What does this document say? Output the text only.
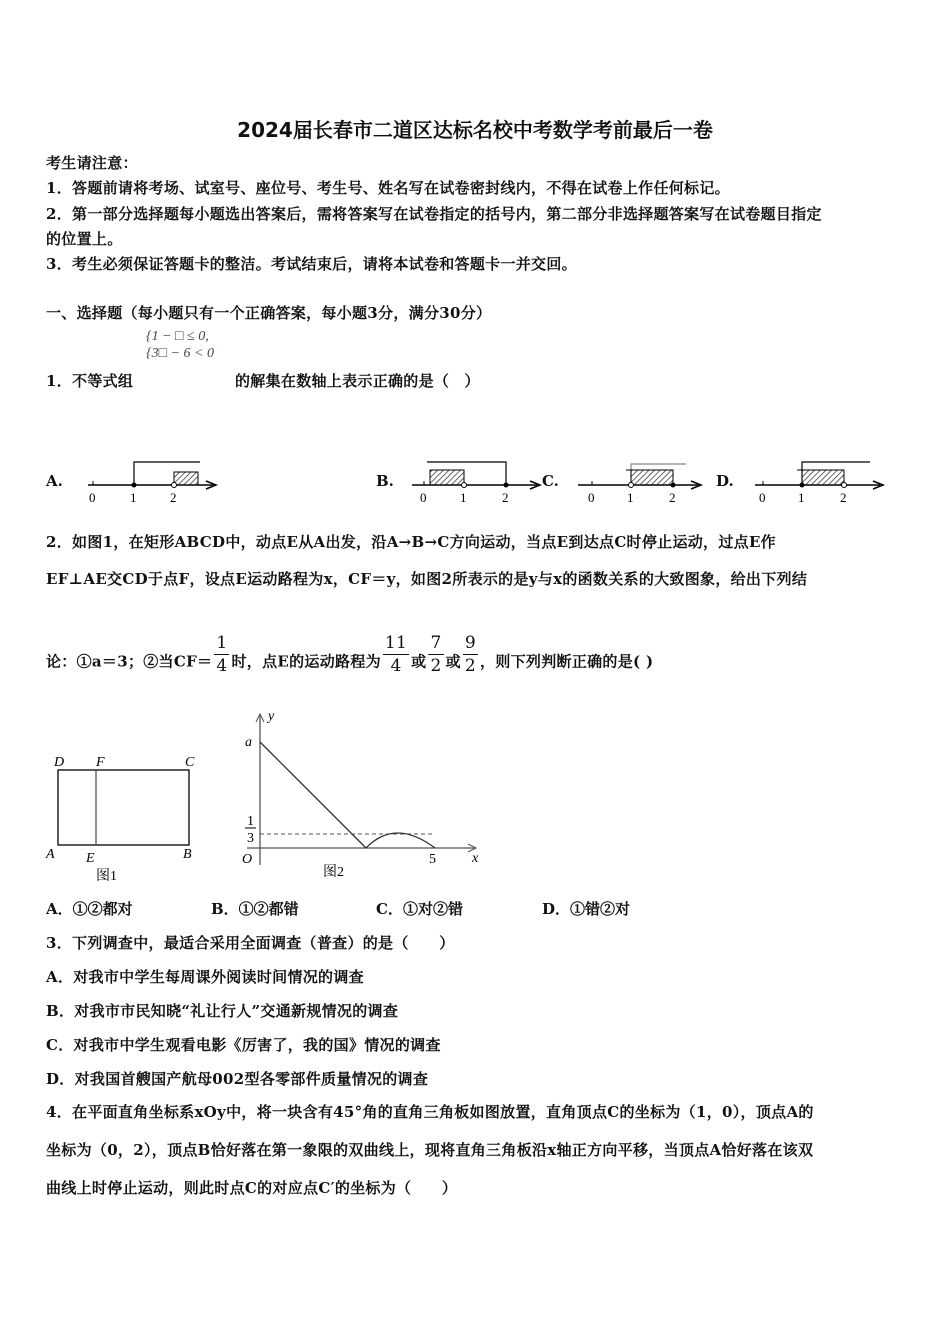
2024届长春市二道区达标名校中考数学考前最后一卷
考生请注意：
1．答题前请将考场、试室号、座位号、考生号、姓名写在试卷密封线内，不得在试卷上作任何标记。
2．第一部分选择题每小题选出答案后，需将答案写在试卷指定的括号内，第二部分非选择题答案写在试卷题目指定
的位置上。
3．考生必须保证答题卡的整洁。考试结束后，请将本试卷和答题卡一并交回。
一、选择题（每小题只有一个正确答案，每小题3分，满分30分）
{1 − □ ≤ 0,
{3□ − 6 < 0
1．不等式组	的解集在数轴上表示正确的是（　）
A.	B.	C.	D.
0	1	2	0	1	2	0	1	2	0	1	2
2．如图1，在矩形ABCD中，动点E从A出发，沿A→B→C方向运动，当点E到达点C时停止运动，过点E作
EF⊥AE交CD于点F，设点E运动路程为x，CF＝y，如图2所表示的是y与x的函数关系的大致图象，给出下列结
论：①a＝3；②当$CF= \frac{1}{4}$ 时，点E的运动路程为 $\frac{11}{4}$ 或 $\frac{7}{2}$ 或 $\frac{9}{2}$ ，则下列判断正确的是( )
D F	C
A E	B
图1
y
a
1
3
O	5	x
图2
A．①②都对	B．①②都错	C．①对②错	D．①错②对
3．下列调查中，最适合采用全面调查（普查）的是（　　）
A．对我市中学生每周课外阅读时间情况的调查
B．对我市市民知晓“礼让行人”交通新规情况的调查
C．对我市中学生观看电影《厉害了，我的国》情况的调查
D．对我国首艘国产航母002型各零部件质量情况的调查
4．在平面直角坐标系xOy中，将一块含有45°角的直角三角板如图放置，直角顶点C的坐标为（1，0），顶点A的
坐标为（0，2），顶点B恰好落在第一象限的双曲线上，现将直角三角板沿x轴正方向平移，当顶点A恰好落在该双
曲线上时停止运动，则此时点C的对应点C′的坐标为（　　）
